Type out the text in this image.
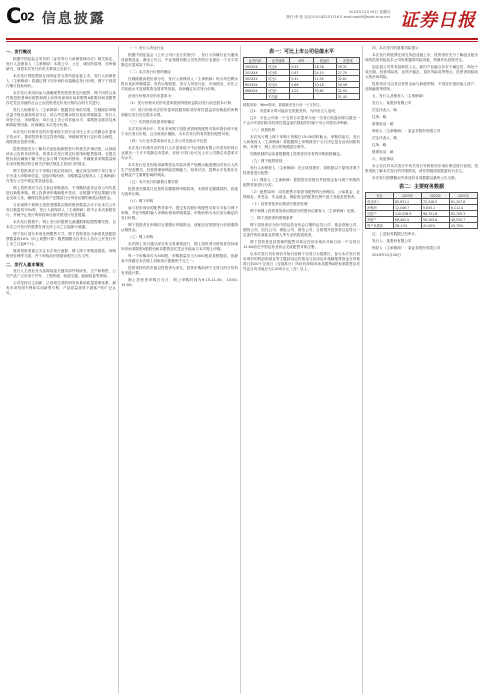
C02 信息披露	2024年12月26日 星期四
制作:李 波 电话:010-83251716 E-mail:zqrb9@zqrb.sina.net 证券日报
一、发行概况

根据中国证监会发布的《证券发行与承销管理办法》相关规定，发行人及保荐人（主承销商）本着公平、公正、诚信的原则，经审慎研究，现将本次发行的有关事项公告如下。

本次发行的股票拟在深圳证券交易所创业板上市，发行人和保荐人（主承销商）将通过网下初步询价直接确定发行价格，网下不再进行累计投标询价。

本次发行采用向参与战略配售的投资者定向配售、网下向符合条件的投资者询价配售和网上向持有深圳市场非限售A股股份和非限售存托凭证市值的社会公众投资者定价发行相结合的方式进行。

发行人和保荐人（主承销商）根据初步询价结果，在剔除拟申购总量中报价最高的部分后，综合考虑剩余报价及拟申购数量、发行人所处行业、市场情况、同行业上市公司估值水平、募集资金需求及承销风险等因素，协商确定本次发行价格。

本次发行价格对应的市盈率低于同行业可比上市公司静态市盈率平均水平，提请投资者关注投资风险，审慎研判发行定价的合理性，理性做出投资决策。

投资者需充分了解有关创业板新股发行的相关法律法规，认真阅读本公告的各项内容，知悉本次发行的定价原则和配售原则，在提交报价前应确保不属于禁止参与网下询价的情形，并确保其申购数量和未来持股情况符合相关法律法规及主管部门的规定。

网下投资者应当于申购日规定时间内，通过深交所网下发行电子平台录入申购单信息，包括申购价格、申购数量及保荐人（主承销商）在发行公告中规定的其他信息。

网上投资者应当自主表达申购意向，不得概括委托证券公司代其进行新股申购。网上投资者申购新股中签后，应根据中签结果履行资金交收义务，确保其资金账户在缴款日日终有足额的新股认购资金。

当出现网下和网上投资者缴款认购的股份数量合计不足本次公开发行数量的70%时，发行人和保荐人（主承销商）将中止本次新股发行，并就中止发行的原因和后续安排进行信息披露。

本次发行股票中，网上发行的股票无流通限制及限售期安排，自本次公开发行的股票在深交所上市之日起即可流通。

网下发行部分采用比例限售方式，网下投资者应当承诺其获配股票数量的10%（向上取整计算）限售期限为自发行人首次公开发行并上市之日起6个月。

敬请投资者重点关注本次发行流程、网上网下申购及缴款、弃购股份处理等方面，并于申购前仔细阅读相关公告文件。

二、发行人基本情况

发行人主营业务为高端装备关键零部件的研发、生产和销售，公司产品广泛应用于汽车、工程机械、轨道交通、能源装备等领域。

公司坚持自主创新，已形成完善的研发体系和质量管理体系，拥有多项发明专利和实用新型专利，产品质量获得下游客户的广泛认可。

（一）发行人所处行业

根据中国证监会《上市公司行业分类指引》，发行人所属行业为通用设备制造业。截至公告日，中证指数有限公司发布的行业最近一个月平均静态市盈率如下所示。

（二）本次发行价格的确定

在剔除最高报价部分后，发行人和保荐人（主承销商）综合考虑剩余报价及拟申购数量、有效认购倍数、发行人所处行业、市场情况、可比公司估值水平及募集资金需求等因素，协商确定本次发行价格。

此发行价格对应的市盈率为：

（1）发行价格对应的市盈率按照每股收益除以发行前总股本计算；

（2）发行价格对应的市盈率按照扣除非经常性损益前后孰低的净利润除以发行后总股本计算。

（三）有效报价投资者的确定

本次初步询价中，共有多家网下投资者管理的配售对象申报价格不低于本次发行价格，且未被高价剔除，为本次发行的有效报价配售对象。

（四）与行业市盈率和可比上市公司估值水平比较

本次发行价格对应的发行人市盈率低于中证指数有限公司发布的同行业最近一个月平均静态市盈率，亦低于同行业可比上市公司静态市盈率平均水平。

本次发行存在因取得募集资金导致净资产规模大幅度增加对发行人的生产经营模式、经营管理和风险控制能力、财务状况、盈利水平及股东长远利益产生重要影响的风险。

（五）本次发行的重要日期安排

投资者在缴款日应按时足额缴纳申购款项，未按时足额缴款的，将视为放弃认购。

（六）网下申购

参与初步询价的配售对象中，提交有效报价的配售对象方可参与网下申购，并在申购时输入申购价格和申购数量，申购价格为本次发行确定的发行价格。

网下投资者在申购时无需缴付申购资金，获配后应按照发行价格缴纳认购资金。

（七）网上申购

本次网上发行通过深交所交易系统进行，网上投资者可使用其所持深圳市场非限售A股股份和非限售存托凭证市值参与本次网上申购。

每一个申购单位为500股，申购数量应当为500股或其整数倍，但最高不得超过本次网上初始发行股数的千分之一。

投资者持有的市值以投资者为单位，按其申购前两个交易日的日均持有市值计算。

网上投资者申购日当日，网上申购时间为9:15-11:30、13:00-15:00。

表一：可比上市公司估值水平
证券代码	证券简称	EPS	收盘价	市盈率
300XXX	可比A	0.52	18.36	35.31
301XXX	可比B	0.87	24.10	27.70
002XXX	可比C	0.41	12.55	30.61
603XXX	可比D	0.66	20.18	30.58
688XXX	可比E	1.02	33.60	32.94
	平均值			31.43
数据来源：Wind资讯，数据截至发行前一个交易日。

注1：市盈率计算可能存在尾数差异，为四舍五入造成；

注2：可比公司前一个交易日市盈率为前一交易日收盘价除以最近一个会计年度扣除非经常性损益前后孰低的归属于母公司股东净利润。

（八）回拨机制

本次发行网上网下申购于申购日15:00同时截止。申购结束后，发行人和保荐人（主承销商）将根据网上申购情况于当日决定是否启动回拨机制，对网下、网上发行的规模进行调节。

回拨机制的启动将根据网上投资者初步有效申购倍数确定。

（九）网下配售原则

发行人和保荐人（主承销商）在完成回拨后，将根据以下原则对网下投资者进行配售：

（1）保荐人（主承销商）将提供有效报价并按规定参与网下申购的配售对象进行分类；

（2）配售原则：同类配售对象获得配售的比例相同，公募基金、社保基金、养老金、年金基金、保险资金的配售比例不低于其他类投资者。

（十）投资者放弃认购部分股份处理

网下和网上投资者放弃认购部分的股份由保荐人（主承销商）包销。

三、网下投资者的资格条件

网下投资者应为经中国证券业协会注册的证券公司、基金管理公司、期货公司、信托公司、保险公司、财务公司、合格境外投资者以及符合一定条件的私募基金管理人等专业机构投资者。

网下投资者及其管理的配售对象应在初步询价开始日前一个交易日12:00前在中国证券业协会完成配售对象注册。

以本次发行初步询价开始日前两个交易日为基准日，参与本次发行初步询价的科创和创业等主题封闭运作基金与封闭运作战略配售基金在该基准日前20个交易日（含基准日）所持有深圳市场非限售A股和非限售存托凭证日均市值应为1,000万元（含）以上。

四、本次发行的重要风险提示

本次发行的股票在深交所创业板上市，投资者应充分了解创业板市场的投资风险及本公司所披露的风险因素，审慎作出投资决定。

创业板公司具有创新投入大、新旧产业融合存在不确定性、尚处于成长期、经营风险高、业绩不稳定、退市风险高等特点，投资者面临较大的市场风险。

投资者应当以其自有资金参与新股申购，不得存在借用他人账户、违规融资等情形。

五、发行人及保荐人（主承销商）

发行人：某股份有限公司

法定代表人：略

住所：略

联系电话：略

保荐人（主承销商）：某证券股份有限公司

法定代表人：略

住所：略

联系电话：略

六、其他事项

本公告仅对本次发行中有关发行安排和初步询价事宜进行说明，投资者欲了解本次发行的详细情况，请仔细阅读招股意向书全文。

本次发行股票概况中涉及的各项数据以最终公告为准。

表二：主要财务数据
项目	2023年	2022年	2021年
营业收入	85,631.2	72,418.5	61,207.8
净利润	12,046.7	9,835.1	8,112.4
总资产	110,528.9	96,331.6	82,709.3
净资产	68,402.5	56,355.8	46,520.7
资产负债率	38.11%	41.50%	43.75%

注：上述财务数据已经审计。

发行人：某股份有限公司

保荐人（主承销商）：某证券股份有限公司

2024年12月26日
